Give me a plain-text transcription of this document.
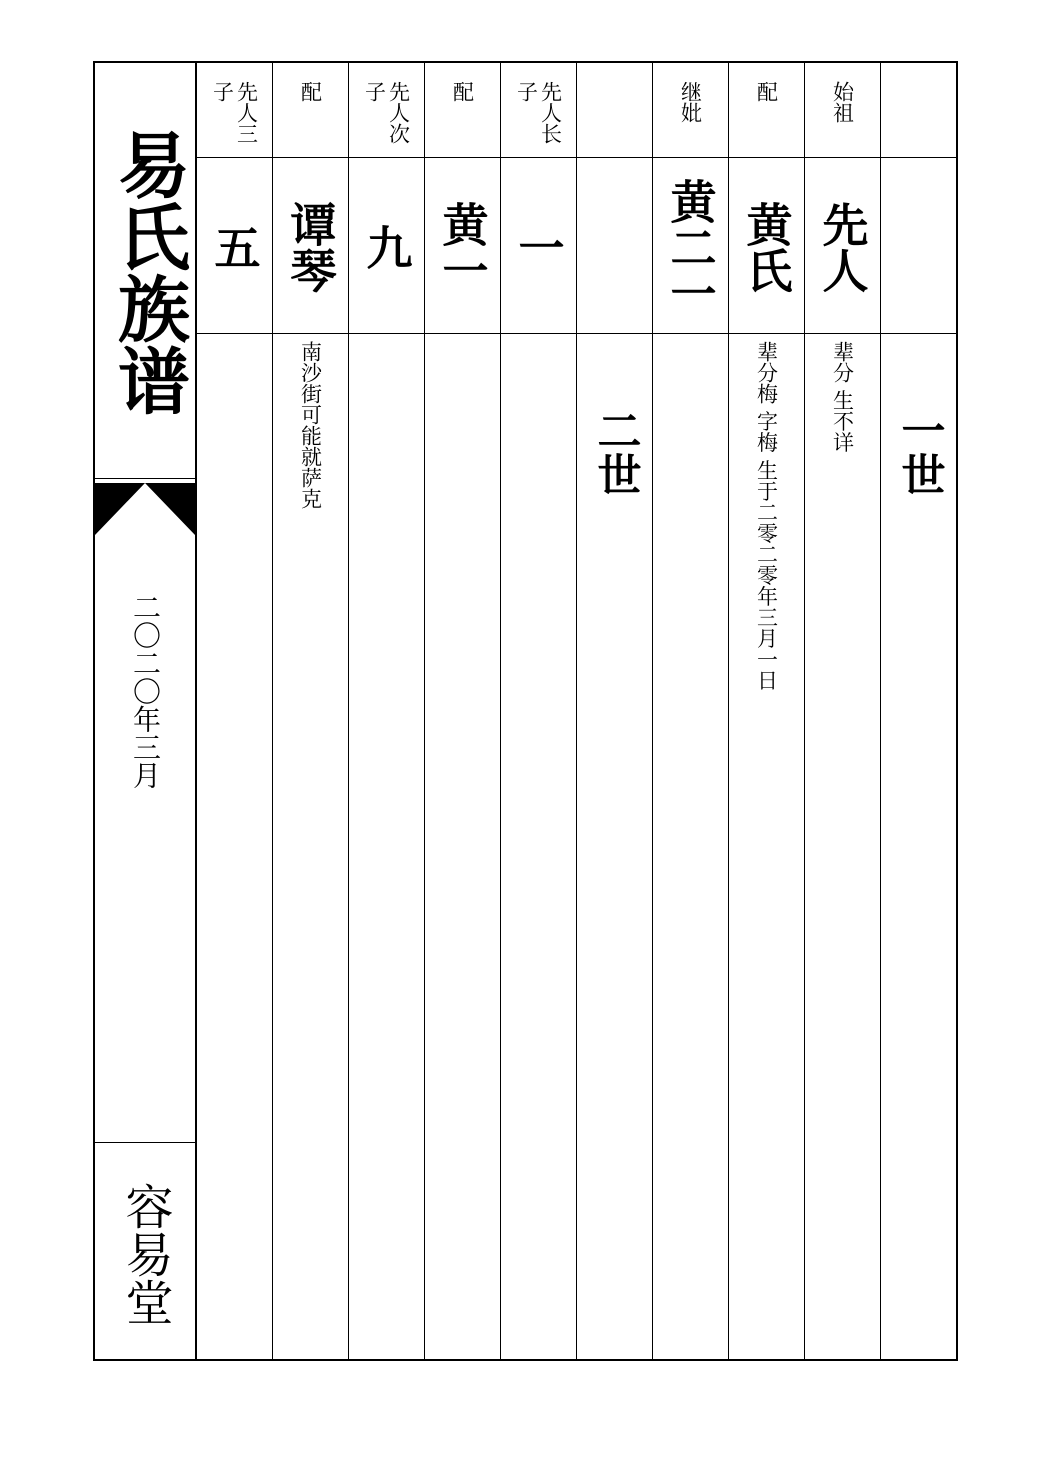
易氏族谱
二〇二〇年三月
容易堂
一世
始祖
先人
辈分 生不详
配
黄氏
辈分梅 字梅 生于二零二零年三月一日
继妣
黄二一
二世
先人长子
一
配
黄一
先人次子
九
配
谭琴
南沙街可能就萨克
先人三子
五
